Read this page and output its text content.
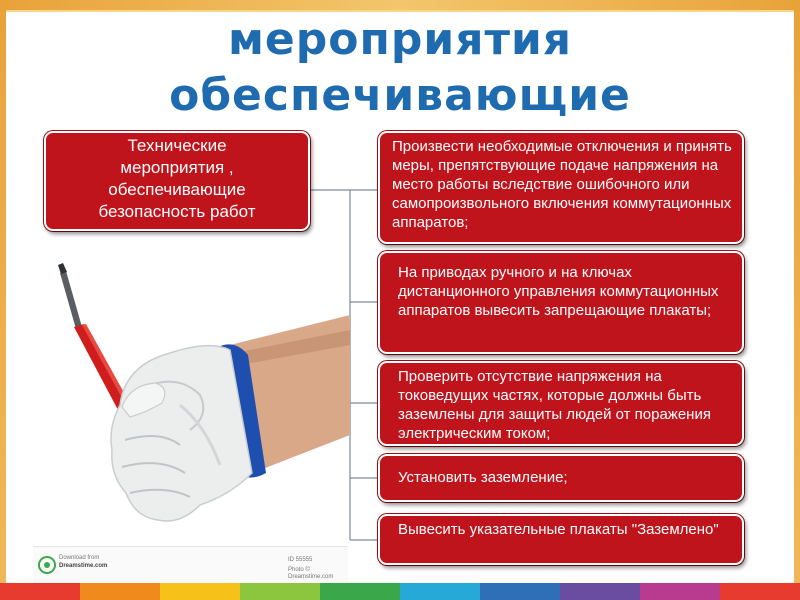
мероприятия
обеспечивающие
Download from
Dreamstime.com
ID 55555
Photo © Dreamstime.com
Технические
мероприятия ,
обеспечивающие
безопасность работ
Произвести необходимые отключения и принять меры, препятствующие подаче напряжения на место работы вследствие ошибочного или самопроизвольного включения коммутационных аппаратов;
На приводах ручного и на ключах дистанционного управления коммутационных аппаратов вывесить запрещающие плакаты;
Проверить отсутствие напряжения на токоведущих частях, которые должны быть заземлены для защиты людей от поражения электрическим током;
Установить заземление;
Вывесить указательные плакаты "Заземлено"
